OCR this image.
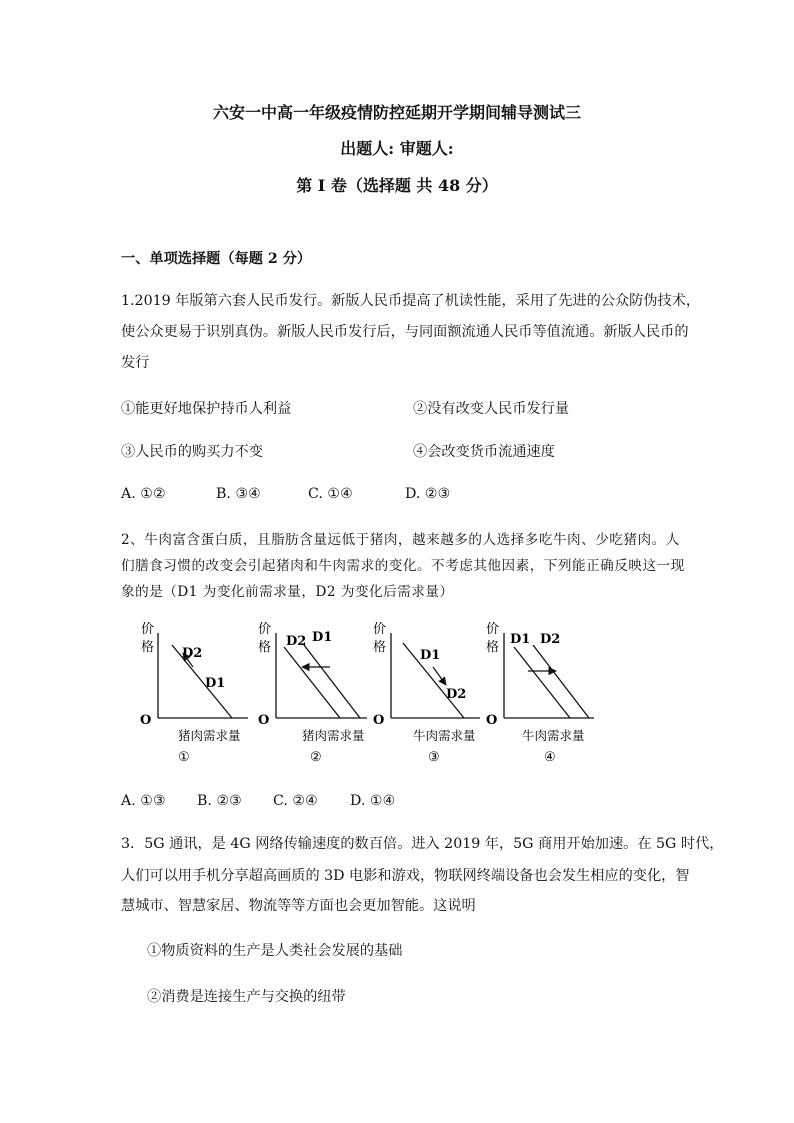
六安一中高一年级疫情防控延期开学期间辅导测试三
出题人: 审题人:
第 I 卷（选择题 共 48 分）
一、单项选择题（每题 2 分）
1.2019 年版第六套人民币发行。新版人民币提高了机读性能，采用了先进的公众防伪技术，
使公众更易于识别真伪。新版人民币发行后，与同面额流通人民币等值流通。新版人民币的
发行
①能更好地保护持币人利益	②没有改变人民币发行量
③人民币的购买力不变	④会改变货币流通速度
A. ①②	B. ③④	C. ①④	D. ②③
2、牛肉富含蛋白质，且脂肪含量远低于猪肉，越来越多的人选择多吃牛肉、少吃猪肉。人
们膳食习惯的改变会引起猪肉和牛肉需求的变化。不考虑其他因素，下列能正确反映这一现
象的是（D1 为变化前需求量，D2 为变化后需求量）
价
格
O
D2
D1
猪肉需求量
①
价
格
O
D2 D1
猪肉需求量
②
价
格
O
D1
D2
牛肉需求量
③
价
格
O
D1 D2
牛肉需求量
④
A. ①③ B. ②③ C. ②④ D. ①④
3．5G 通讯，是 4G 网络传输速度的数百倍。进入 2019 年，5G 商用开始加速。在 5G 时代，
人们可以用手机分享超高画质的 3D 电影和游戏，物联网终端设备也会发生相应的变化，智
慧城市、智慧家居、物流等等方面也会更加智能。这说明
①物质资料的生产是人类社会发展的基础
②消费是连接生产与交换的纽带
